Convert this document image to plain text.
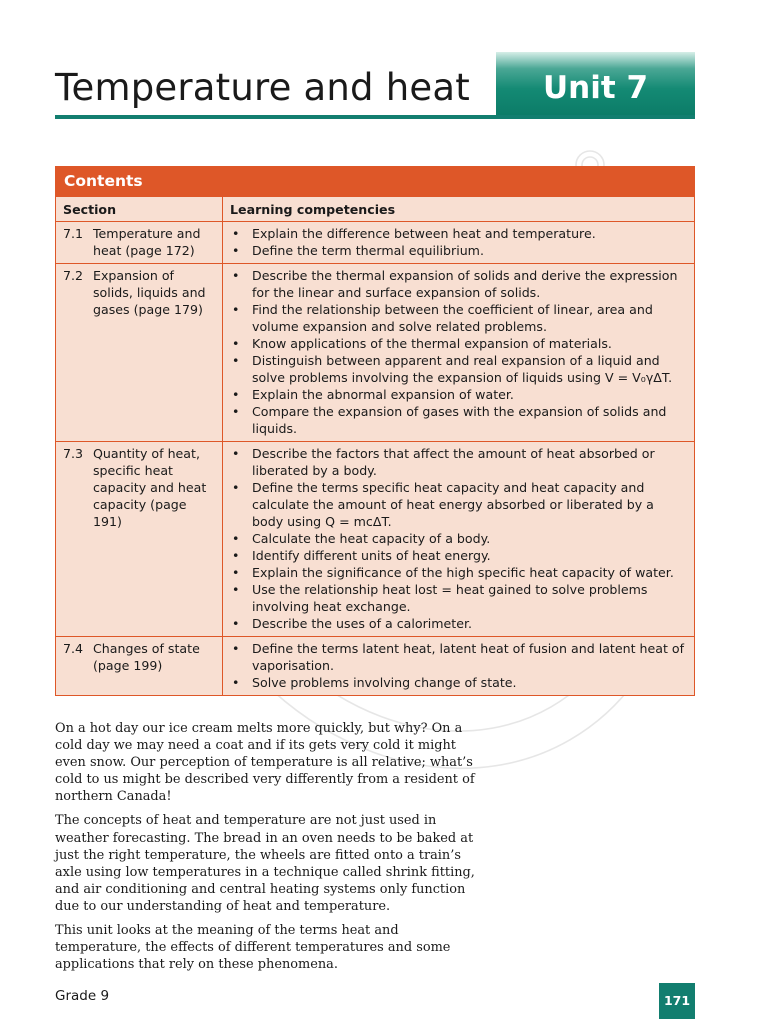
Temperature and heat	Unit 7
Contents
Section	Learning competencies
7.1 Temperature and heat (page 172)
• Explain the difference between heat and temperature.
• Define the term thermal equilibrium.
7.2 Expansion of solids, liquids and gases (page 179)
• Describe the thermal expansion of solids and derive the expression for the linear and surface expansion of solids.
• Find the relationship between the coefficient of linear, area and volume expansion and solve related problems.
• Know applications of the thermal expansion of materials.
• Distinguish between apparent and real expansion of a liquid and solve problems involving the expansion of liquids using V = V₀γΔT.
• Explain the abnormal expansion of water.
• Compare the expansion of gases with the expansion of solids and liquids.
7.3 Quantity of heat, specific heat capacity and heat capacity (page 191)
• Describe the factors that affect the amount of heat absorbed or liberated by a body.
• Define the terms specific heat capacity and heat capacity and calculate the amount of heat energy absorbed or liberated by a body using Q = mcΔT.
• Calculate the heat capacity of a body.
• Identify different units of heat energy.
• Explain the significance of the high specific heat capacity of water.
• Use the relationship heat lost = heat gained to solve problems involving heat exchange.
• Describe the uses of a calorimeter.
7.4 Changes of state (page 199)
• Define the terms latent heat, latent heat of fusion and latent heat of vaporisation.
• Solve problems involving change of state.

On a hot day our ice cream melts more quickly, but why? On a cold day we may need a coat and if its gets very cold it might even snow. Our perception of temperature is all relative; what’s cold to us might be described very differently from a resident of northern Canada!

The concepts of heat and temperature are not just used in weather forecasting. The bread in an oven needs to be baked at just the right temperature, the wheels are fitted onto a train’s axle using low temperatures in a technique called shrink fitting, and air conditioning and central heating systems only function due to our understanding of heat and temperature.

This unit looks at the meaning of the terms heat and temperature, the effects of different temperatures and some applications that rely on these phenomena.

Grade 9	171
